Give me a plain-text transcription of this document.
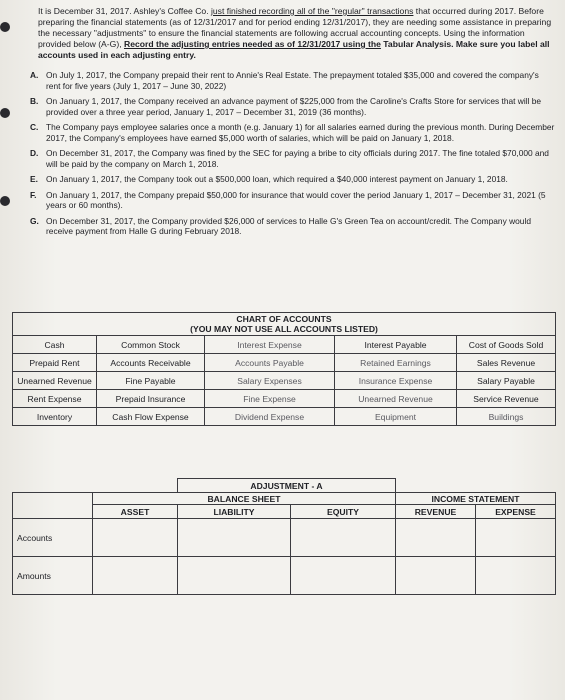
It is December 31, 2017. Ashley's Coffee Co. just finished recording all of the "regular" transactions that occurred during 2017. Before preparing the financial statements (as of 12/31/2017 and for period ending 12/31/2017), they are needing some assistance in preparing the necessary "adjustments" to ensure the financial statements are following accrual accounting concepts. Using the information provided below (A-G), Record the adjusting entries needed as of 12/31/2017 using the Tabular Analysis. Make sure you label all accounts used in each adjusting entry.
A. On July 1, 2017, the Company prepaid their rent to Annie's Real Estate. The prepayment totaled $35,000 and covered the company's rent for five years (July 1, 2017 – June 30, 2022)
B. On January 1, 2017, the Company received an advance payment of $225,000 from the Caroline's Crafts Store for services that will be provided over a three year period, January 1, 2017 – December 31, 2019 (36 months).
C. The Company pays employee salaries once a month (e.g. January 1) for all salaries earned during the previous month. During December 2017, the Company's employees have earned $5,000 worth of salaries, which will be paid on January 1, 2018.
D. On December 31, 2017, the Company was fined by the SEC for paying a bribe to city officials during 2017. The fine totaled $70,000 and will be paid by the company on March 1, 2018.
E. On January 1, 2017, the Company took out a $500,000 loan, which required a $40,000 interest payment on January 1, 2018.
F.	On January 1, 2017, the Company prepaid $50,000 for insurance that would cover the period January 1, 2017 – December 31, 2021 (5 years or 60 months).
G. On December 31, 2017, the Company provided $26,000 of services to Halle G's Green Tea on account/credit. The Company would receive payment from Halle G during February 2018.
CHART OF ACCOUNTS
(YOU MAY NOT USE ALL ACCOUNTS LISTED)				

Cash	Common Stock	Interest Expense	Interest Payable	Cost of Goods Sold
Prepaid Rent	Accounts Receivable	Accounts Payable	Retained Earnings	Sales Revenue
Unearned Revenue	Fine Payable	Salary Expenses	Insurance Expense	Salary Payable
Rent Expense	Prepaid Insurance	Fine Expense	Unearned Revenue	Service Revenue
Inventory	Cash Flow Expense	Dividend Expense	Equipment	Buildings
		ADJUSTMENT - A			
	BALANCE SHEET			INCOME STATEMENT	
	ASSET	LIABILITY	EQUITY	REVENUE	EXPENSE
Accounts					
Amounts					
